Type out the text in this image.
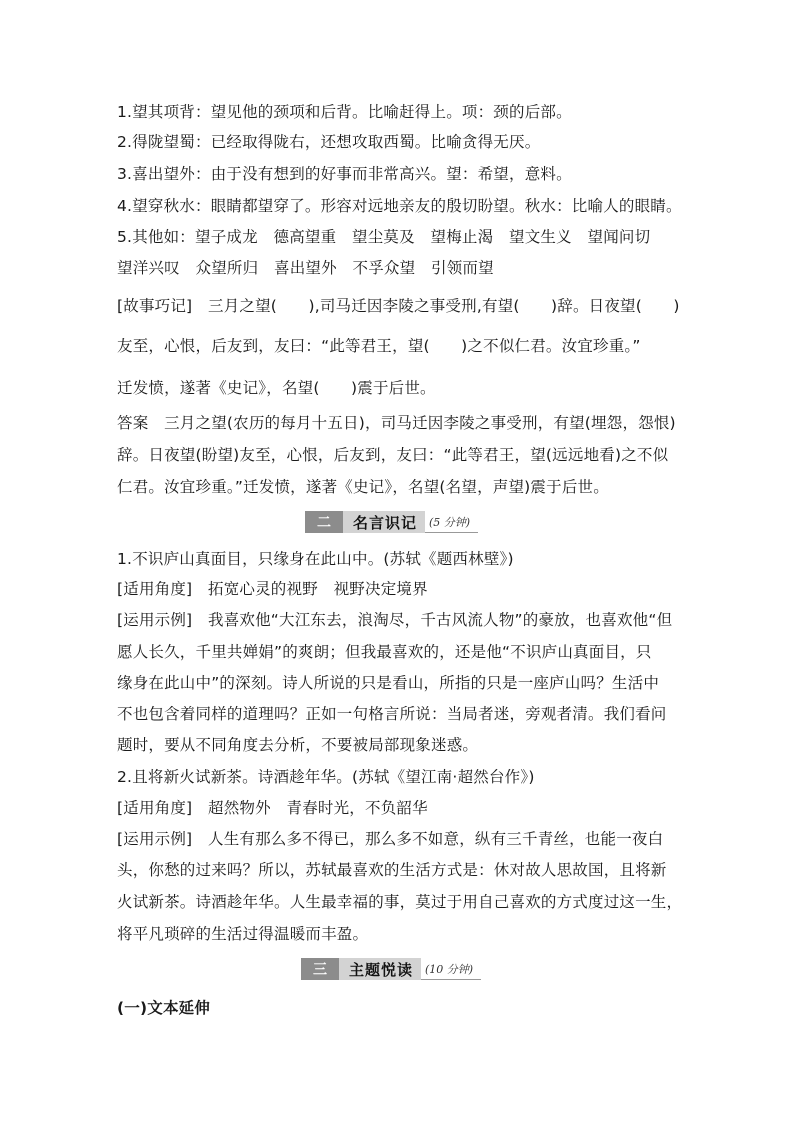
1.望其项背：望见他的颈项和后背。比喻赶得上。项：颈的后部。
2.得陇望蜀：已经取得陇右，还想攻取西蜀。比喻贪得无厌。
3.喜出望外：由于没有想到的好事而非常高兴。望：希望，意料。
4.望穿秋水：眼睛都望穿了。形容对远地亲友的殷切盼望。秋水：比喻人的眼睛。
5.其他如：望子成龙　德高望重　望尘莫及　望梅止渴　望文生义　望闻问切
望洋兴叹　众望所归　喜出望外　不孚众望　引领而望
[故事巧记]　三月之望(　　),司马迁因李陵之事受刑,有望(　　)辞。日夜望(　　)
友至，心恨，后友到，友曰：“此等君王，望(　　)之不似仁君。汝宜珍重。”
迁发愤，遂著《史记》，名望(　　)震于后世。
答案　三月之望(农历的每月十五日)，司马迁因李陵之事受刑，有望(埋怨，怨恨)
辞。日夜望(盼望)友至，心恨，后友到，友曰：“此等君王，望(远远地看)之不似
仁君。汝宜珍重。”迁发愤，遂著《史记》，名望(名望，声望)震于后世。
二	名言识记	(5 分钟)
1.不识庐山真面目，只缘身在此山中。(苏轼《题西林壁》)
[适用角度]　拓宽心灵的视野　视野决定境界
[运用示例]　我喜欢他“大江东去，浪淘尽，千古风流人物”的豪放，也喜欢他“但
愿人长久，千里共婵娟”的爽朗；但我最喜欢的，还是他“不识庐山真面目，只
缘身在此山中”的深刻。诗人所说的只是看山，所指的只是一座庐山吗？生活中
不也包含着同样的道理吗？正如一句格言所说：当局者迷，旁观者清。我们看问
题时，要从不同角度去分析，不要被局部现象迷惑。
2.且将新火试新茶。诗酒趁年华。(苏轼《望江南·超然台作》)
[适用角度]　超然物外　青春时光，不负韶华
[运用示例]　人生有那么多不得已，那么多不如意，纵有三千青丝，也能一夜白
头，你愁的过来吗？所以，苏轼最喜欢的生活方式是：休对故人思故国，且将新
火试新茶。诗酒趁年华。人生最幸福的事，莫过于用自己喜欢的方式度过这一生，
将平凡琐碎的生活过得温暖而丰盈。
三	主题悦读	(10 分钟)
(一)文本延伸
